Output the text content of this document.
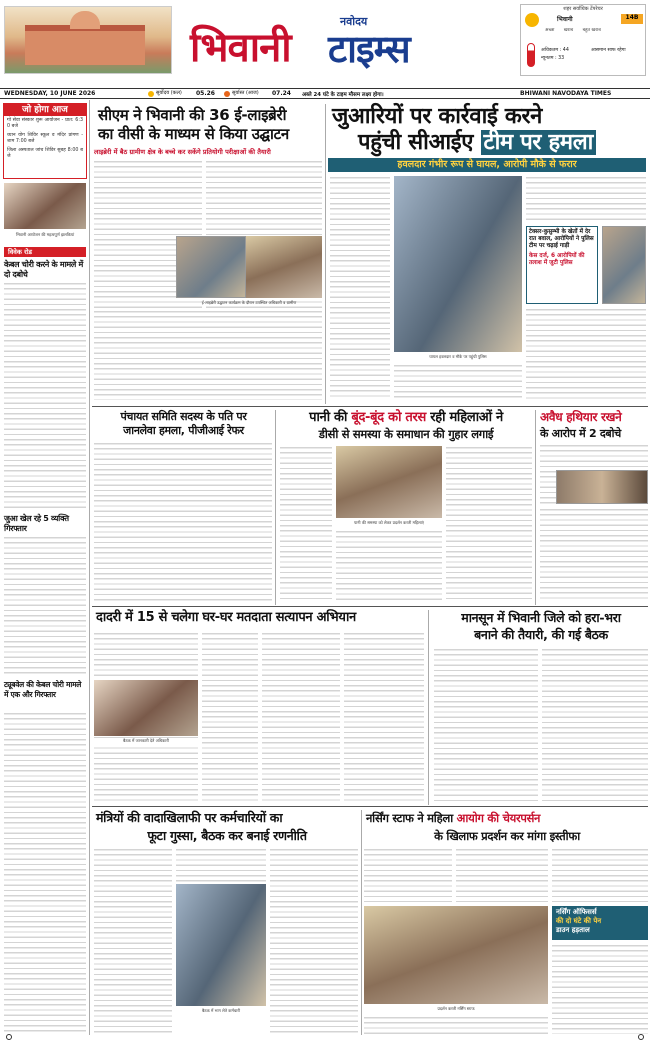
भिवानी
नवोदय
टाइम्स
शहर सर्वाधिक टेंपरेचर
भिवानी	14B
अच्छा खराब बहुत खराब
अधिकतम : 44
न्यूनतम : 33
आसमान साफ रहेगा
WEDNESDAY, 10 JUNE 2026	सूर्योदय (कल) 05.26	सूर्यास्त (आज) 07.24 अब्ले 24 घंटे के टाइम मौसम लक्ष्य होगा।	BHIWANI NAVODAYA TIMES
जो होगा आज
गो सेवा संस्कार शुरू आयोजन - प्रात: 6:30 बजे
ध्यान योग शिविर स्कूल व मंदिर प्रांगण - शाम 7:00 बजे
जिला अस्पताल जांच शिविर सुबह 8:00 बजे
भिवानी आयोजन की महत्वपूर्ण झलकियां
विवेक रोड
केबल चोरी करने के मामले में दो दबोचे
जुआ खेल रहे 5 व्यक्ति गिरफ्तार
ट्यूबवेल की केबल चोरी मामले में एक और गिरफ्तार
सीएम ने भिवानी की 36 ई-लाइब्रेरी
का वीसी के माध्यम से किया उद्घाटन
लाइब्रेरी में बैठ ग्रामीण क्षेत्र के बच्चे कर सकेंगे प्रतियोगी परीक्षाओं की तैयारी
ई-लाइब्रेरी उद्घाटन कार्यक्रम के दौरान उपस्थित अधिकारी व ग्रामीण
जुआरियों पर कार्रवाई करने
पहुंची सीआईए टीम पर हमला
हवलदार गंभीर रूप से घायल, आरोपी मौके से फरार
घायल हवलदार व मौके पर पहुंची पुलिस
टेक्सर-कुसुम्भी के खेतों में देर रात बवाल, आरोपियों ने पुलिस टीम पर चढ़ाई गाड़ी
केस दर्ज, 6 आरोपियों की तलाश में जुटी पुलिस
पंचायत समिति सदस्य के पति पर
जानलेवा हमला, पीजीआई रेफर
पानी की बूंद-बूंद को तरस रही महिलाओं ने
डीसी से समस्या के समाधान की गुहार लगाई
पानी की समस्या को लेकर प्रदर्शन करती महिलाएं
अवैध हथियार रखने
के आरोप में 2 दबोचे
दादरी में 15 से चलेगा घर-घर मतदाता सत्यापन अभियान
बैठक में जानकारी देते अधिकारी
मानसून में भिवानी जिले को हरा-भरा
बनाने की तैयारी, की गई बैठक
मंत्रियों की वादाखिलाफी पर कर्मचारियों का
फूटा गुस्सा, बैठक कर बनाई रणनीति
बैठक में भाग लेते कर्मचारी
नर्सिंग स्टाफ ने महिला आयोग की चेयरपर्सन
के खिलाफ प्रदर्शन कर मांगा इस्तीफा
प्रदर्शन करती नर्सिंग स्टाफ
नर्सिंग ऑफिसर्स
की दो घंटे की पेन
डाउन हड़ताल
